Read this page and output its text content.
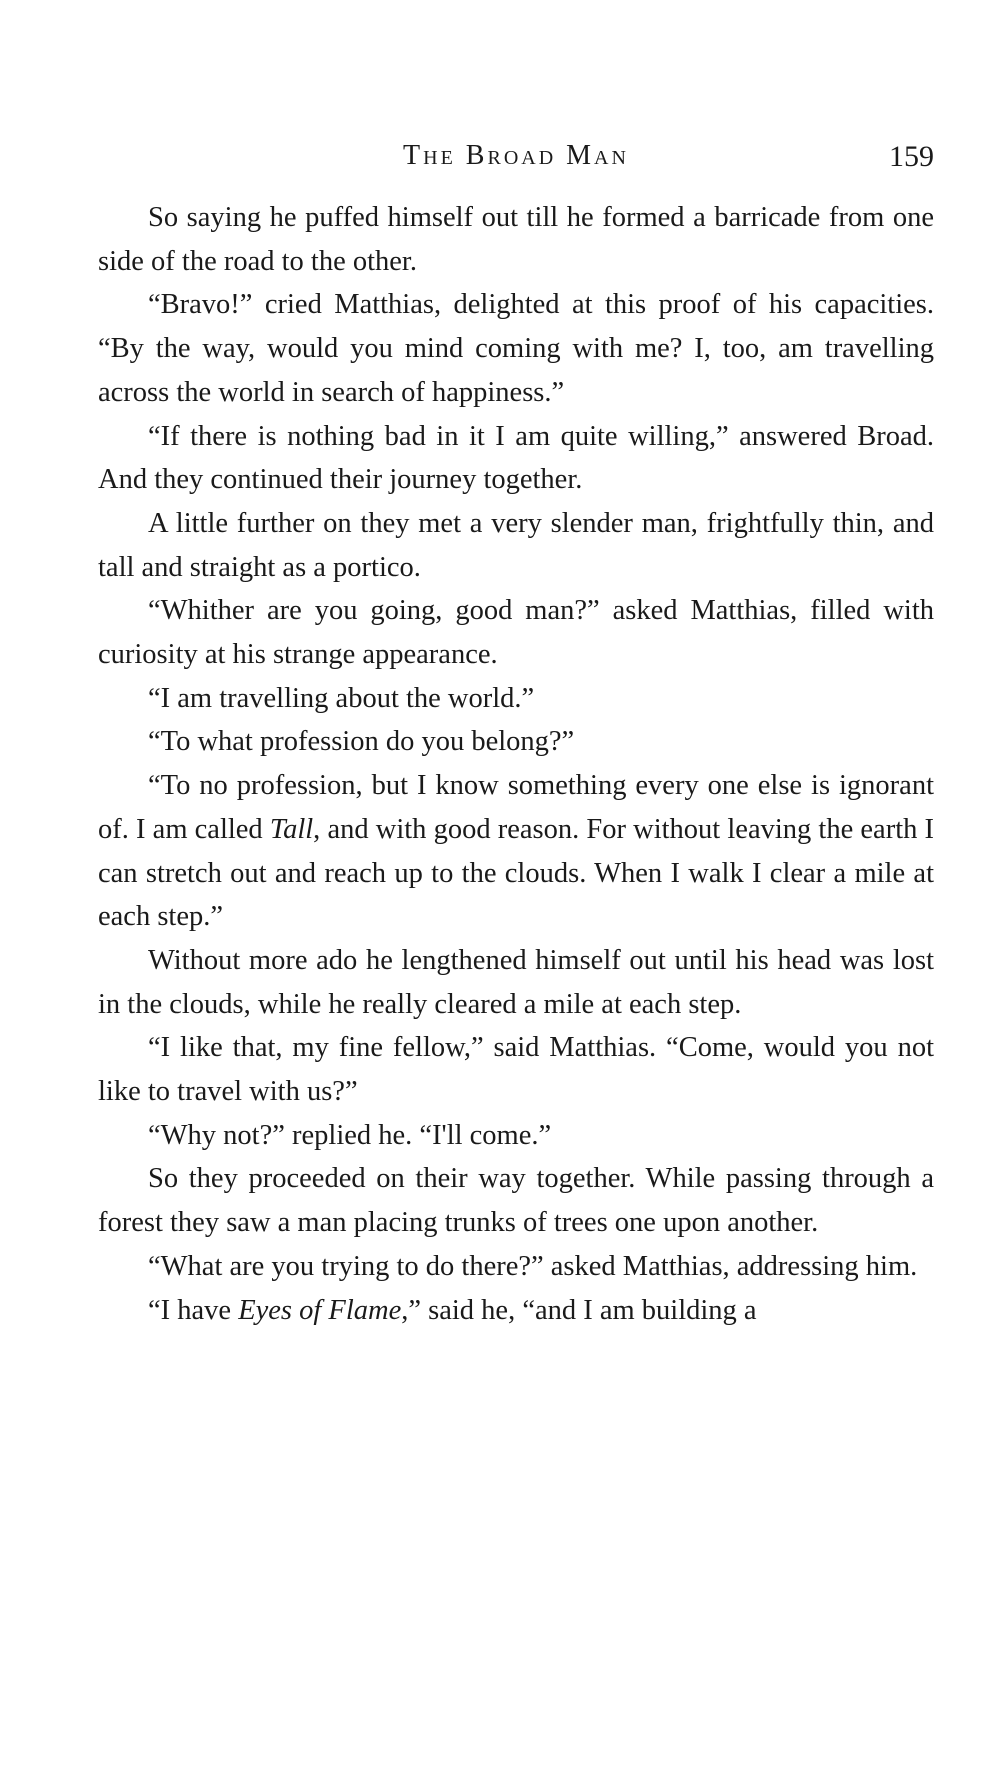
The Broad Man	159

So saying he puffed himself out till he formed a barricade from one side of the road to the other.

“Bravo!” cried Matthias, delighted at this proof of his capacities. “By the way, would you mind coming with me? I, too, am travelling across the world in search of happiness.”

“If there is nothing bad in it I am quite willing,” answered Broad. And they continued their journey together.

A little further on they met a very slender man, frightfully thin, and tall and straight as a portico.

“Whither are you going, good man?” asked Matthias, filled with curiosity at his strange appearance.

“I am travelling about the world.”

“To what profession do you belong?”

“To no profession, but I know something every one else is ignorant of. I am called Tall, and with good reason. For without leaving the earth I can stretch out and reach up to the clouds. When I walk I clear a mile at each step.”

Without more ado he lengthened himself out until his head was lost in the clouds, while he really cleared a mile at each step.

“I like that, my fine fellow,” said Matthias. “Come, would you not like to travel with us?”

“Why not?” replied he. “I'll come.”

So they proceeded on their way together. While passing through a forest they saw a man placing trunks of trees one upon another.

“What are you trying to do there?” asked Matthias, addressing him.

“I have Eyes of Flame,” said he, “and I am building a
